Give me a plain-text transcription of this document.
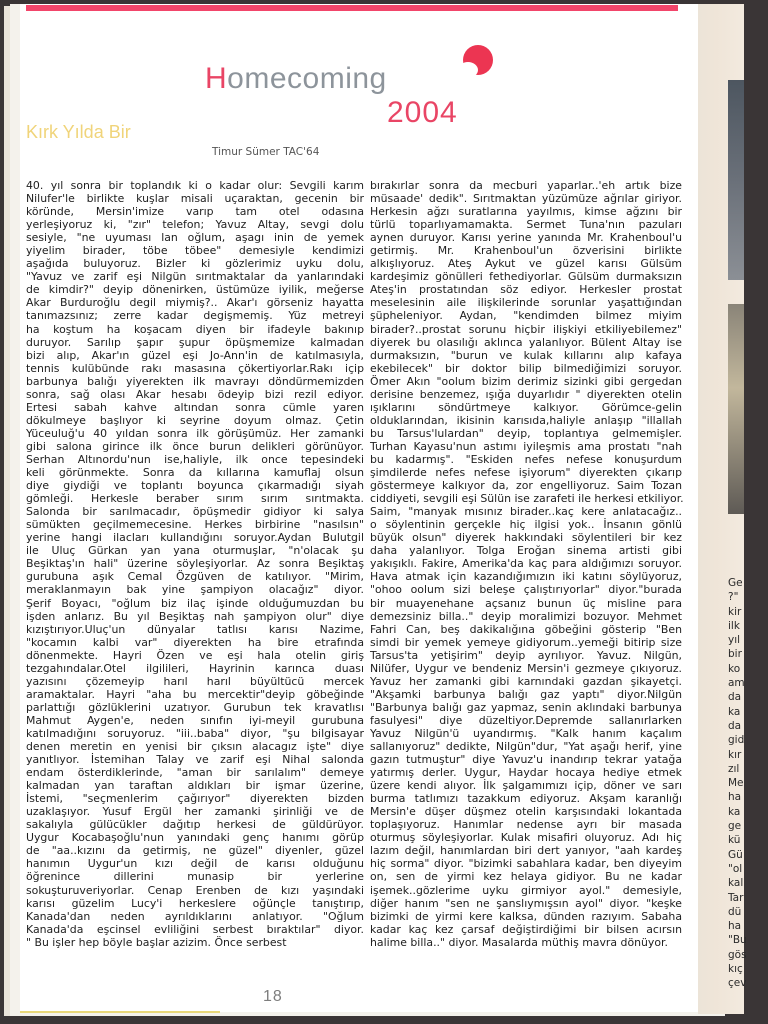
Ge
?"
kir
ilk
yıl
bir
ko
am
da
ka
da
gid
kır
zıl
Me
ha
ka
ge
kü
Gü
"ol
kal
Tar
dü
ha
"Bu
gös
kıç
çev
Homecoming
2004
Kırk Yılda Bir
Timur Sümer TAC'64
40. yıl sonra bir toplandık ki o kadar olur: Sevgili karım
Nilufer'le birlikte kuşlar misali uçaraktan, gecenin bir
köründe, Mersin'imize varıp tam otel odasına
yerleşiyoruz ki, "zır" telefon; Yavuz Altay, sevgi dolu
sesiyle, "ne uyuması lan oğlum, aşagı inin de yemek
yiyelim birader, töbe töbee" demesiyle kendimizi
aşağıda buluyoruz. Bizler ki gözlerimiz uyku dolu,
"Yavuz ve zarif eşi Nilgün sırıtmaktalar da yanlarındaki
de kimdir?" deyip dönenirken, üstümüze iyilik, meğerse
Akar Burduroğlu degil miymiş?.. Akar'ı görseniz hayatta
tanımazsınız; zerre kadar degişmemiş. Yüz metreyi
ha koştum ha koşacam diyen bir ifadeyle bakınıp
duruyor. Sarılıp şapır şupur öpüşmemize kalmadan
bizi alıp, Akar'ın güzel eşi Jo-Ann'in de katılmasıyla,
tennis kulübünde rakı masasına çökertiyorlar.Rakı içip
barbunya balığı yiyerekten ilk mavrayı döndürmemizden
sonra, sağ olası Akar hesabı ödeyip bizi rezil ediyor.
Ertesi sabah kahve altından sonra cümle yaren
dökulmeye başlıyor ki seyrine doyum olmaz. Çetin
Yüceuluğ'u 40 yıldan sonra ilk görüşümüz. Her zamanki
gibi salona girince ilk önce burun delikleri görünüyor.
Serhan Altınordu'nun ise,haliyle, ilk once tepesindeki
keli görünmekte. Sonra da kıllarına kamuflaj olsun
diye giydiği ve toplantı boyunca çıkarmadığı siyah
gömleği. Herkesle beraber sırım sırım sırıtmakta.
Salonda bir sarılmacadır, öpüşmedir gidiyor ki salya
sümükten geçilmemecesine. Herkes birbirine "nasılsın"
yerine hangi ilacları kullandığını soruyor.Aydan Bulutgil
ile Uluç Gürkan yan yana oturmuşlar, "n'olacak şu
Beşiktaş'ın hali" üzerine söyleşiyorlar. Az sonra Beşiktaş
gurubuna aşık Cemal Özgüven de katılıyor. "Mirim,
meraklanmayın bak yine şampiyon olacağız" diyor.
Şerif Boyacı, "oğlum biz ilaç işinde olduğumuzdan bu
işden anlarız. Bu yıl Beşiktaş nah şampiyon olur" diye
kızıştırıyor.Uluç'un dünyalar tatlısı karısı Nazime,
"kocamın kalbi var" diyerekten ha bire etrafında
dönenmekte. Hayri Özen ve eşi hala otelin giriş
tezgahındalar.Otel ilgilileri, Hayrinin karınca duası
yazısını çözemeyip harıl harıl büyültücü mercek
aramaktalar. Hayri "aha bu mercektir"deyip göbeğinde
parlattığı gözlüklerini uzatıyor. Gurubun tek kravatlısı
Mahmut Aygen'e, neden sınıfın iyi-meyil gurubuna
katılmadığını soruyoruz. "iii..baba" diyor, "şu bilgisayar
denen meretin en yenisi bir çıksın alacagız işte" diye
yanıtlıyor. İstemihan Talay ve zarif eşi Nihal salonda
endam österdiklerinde, "aman bir sarılalım" demeye
kalmadan yan taraftan aldıkları bir işmar üzerine,
İstemi, "seçmenlerim çağırıyor" diyerekten bizden
uzaklaşıyor. Yusuf Ergül her zamanki şirinliği ve de
sakalıyla gülücükler dağıtıp herkesi de güldürüyor.
Uygur Kocabaşoğlu'nun yanındaki genç hanımı görüp
de "aa..kızını da getirmiş, ne güzel" diyenler, güzel
hanımın Uygur'un kızı değil de karısı olduğunu
öğrenince dillerini munasip bir yerlerine
sokuşturuveriyorlar. Cenap Erenben de kızı yaşındaki
karısı güzelim Lucy'i herkeslere oğünçle tanıştırıp,
Kanada'dan neden ayrıldıklarını anlatıyor. "Oğlum
Kanada'da eşcinsel evliliğini serbest bıraktılar" diyor.
" Bu işler hep böyle başlar azizim. Önce serbest
bırakırlar sonra da mecburi yaparlar..'eh artık bize
müsaade' dedik". Sırıtmaktan yüzümüze ağrılar giriyor.
Herkesin ağzı suratlarına yayılmıs, kimse ağzını bir
türlü toparlıyamamakta. Sermet Tuna'nın pazuları
aynen duruyor. Karısı yerine yanında Mr. Krahenboul'u
getirmiş. Mr. Krahenboul'un özverisini birlikte
alkışlıyoruz. Ateş Aykut ve güzel karısı Gülsüm
kardeşimiz gönülleri fethediyorlar. Gülsüm durmaksızın
Ateş'in prostatından söz ediyor. Herkesler prostat
meselesinin aile ilişkilerinde sorunlar yaşattığından
şüpheleniyor. Aydan, "kendimden bilmez miyim
birader?..prostat sorunu hiçbir ilişkiyi etkiliyebilemez"
diyerek bu olasılığı aklınca yalanlıyor. Bülent Altay ise
durmaksızın, "burun ve kulak kıllarını alıp kafaya
ekebilecek" bir doktor bilip bilmediğimizi soruyor.
Ömer Akın "oolum bizim derimiz sizinki gibi gergedan
derisine benzemez, ışığa duyarlıdır " diyerekten otelin
ışıklarını söndürtmeye kalkıyor. Görümce-gelin
olduklarından, ikisinin karısıda,haliyle anlaşıp "illallah
bu Tarsus'lulardan" deyip, toplantıya gelmemişler.
Turhan Kayasu'nun astımı iyileşmis ama prostatı "nah
bu kadarmış". "Eskiden nefes nefese konuşurdum
şimdilerde nefes nefese işiyorum" diyerekten çıkarıp
göstermeye kalkıyor da, zor engelliyoruz. Saim Tozan
ciddiyeti, sevgili eşi Sülün ise zarafeti ile herkesi etkiliyor.
Saim, "manyak mısınız birader..kaç kere anlatacağız..
o söylentinin gerçekle hiç ilgisi yok.. İnsanın gönlü
büyük olsun" diyerek hakkındaki söylentileri bir kez
daha yalanlıyor. Tolga Eroğan sinema artisti gibi
yakışıklı. Fakire, Amerika'da kaç para aldığımızı soruyor.
Hava atmak için kazandığımızın iki katını söylüyoruz,
"ohoo oolum sizi beleşe çalıştırıyorlar" diyor."burada
bir muayenehane açsanız bunun üç misline para
demezsiniz billa.." deyip moralimizi bozuyor. Mehmet
Fahri Can, beş dakikalığına göbeğini gösterip "Ben
simdi bir yemek yemeye gidiyorum..yemeği bitirip size
Tarsus'ta yetişirim" deyip ayrılıyor. Yavuz. Nilgün,
Nilüfer, Uygur ve bendeniz Mersin'i gezmeye çıkıyoruz.
Yavuz her zamanki gibi karnındaki gazdan şikayetçi.
"Akşamki barbunya balığı gaz yaptı" diyor.Nilgün
"Barbunya balığı gaz yapmaz, senin aklındaki barbunya
fasulyesi" diye düzeltiyor.Depremde sallanırlarken
Yavuz Nilgün'ü uyandırmış. "Kalk hanım kaçalım
sallanıyoruz" dedikte, Nilgün"dur, "Yat aşağı herif, yine
gazın tutmuştur" diye Yavuz'u inandırıp tekrar yatağa
yatırmış derler. Uygur, Haydar hocaya hediye etmek
üzere kendi alıyor. İlk şalgamımızı içip, döner ve sarı
burma tatlımızı tazakkum ediyoruz. Akşam karanlığı
Mersin'e düşer düşmez otelin karşısındaki lokantada
toplaşıyoruz. Hanımlar nedense ayrı bir masada
oturmuş söyleşiyorlar. Kulak misafiri oluyoruz. Adı hiç
lazım değil, hanımlardan biri dert yanıyor, "aah kardeş
hiç sorma" diyor. "bizimki sabahlara kadar, ben diyeyim
on, sen de yirmi kez helaya gidiyor. Bu ne kadar
işemek..gözlerime uyku girmiyor ayol." demesiyle,
diğer hanım "sen ne şanslıymışsın ayol" diyor. "keşke
bizimki de yirmi kere kalksa, dünden razıyım. Sabaha
kadar kaç kez çarsaf değiştirdiğimi bir bilsen acırsın
halime billa.." diyor. Masalarda müthiş mavra dönüyor.
18
